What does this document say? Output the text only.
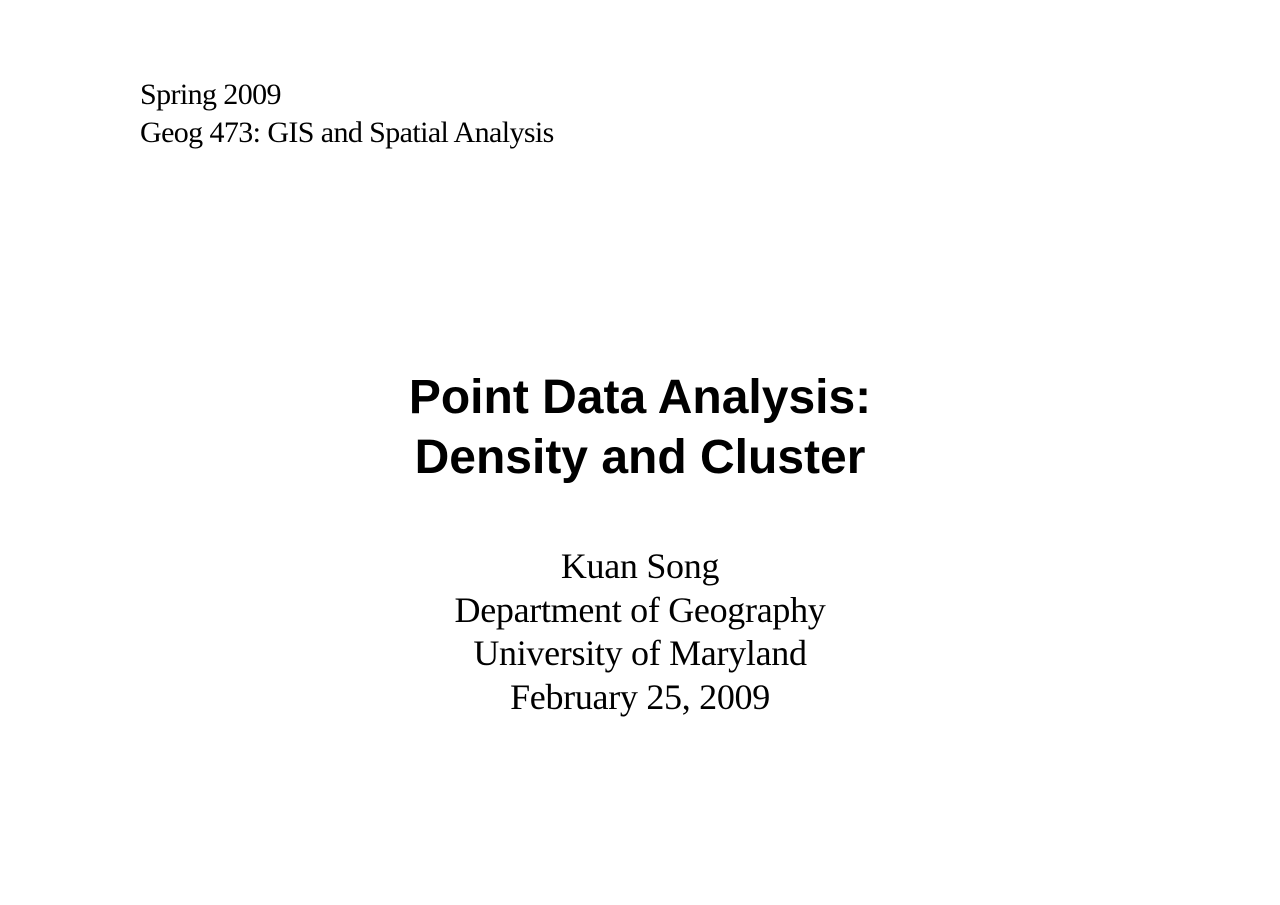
Spring 2009
Geog 473: GIS and Spatial Analysis
Point Data Analysis:
Density and Cluster
Kuan Song
Department of Geography
University of Maryland
February 25, 2009
